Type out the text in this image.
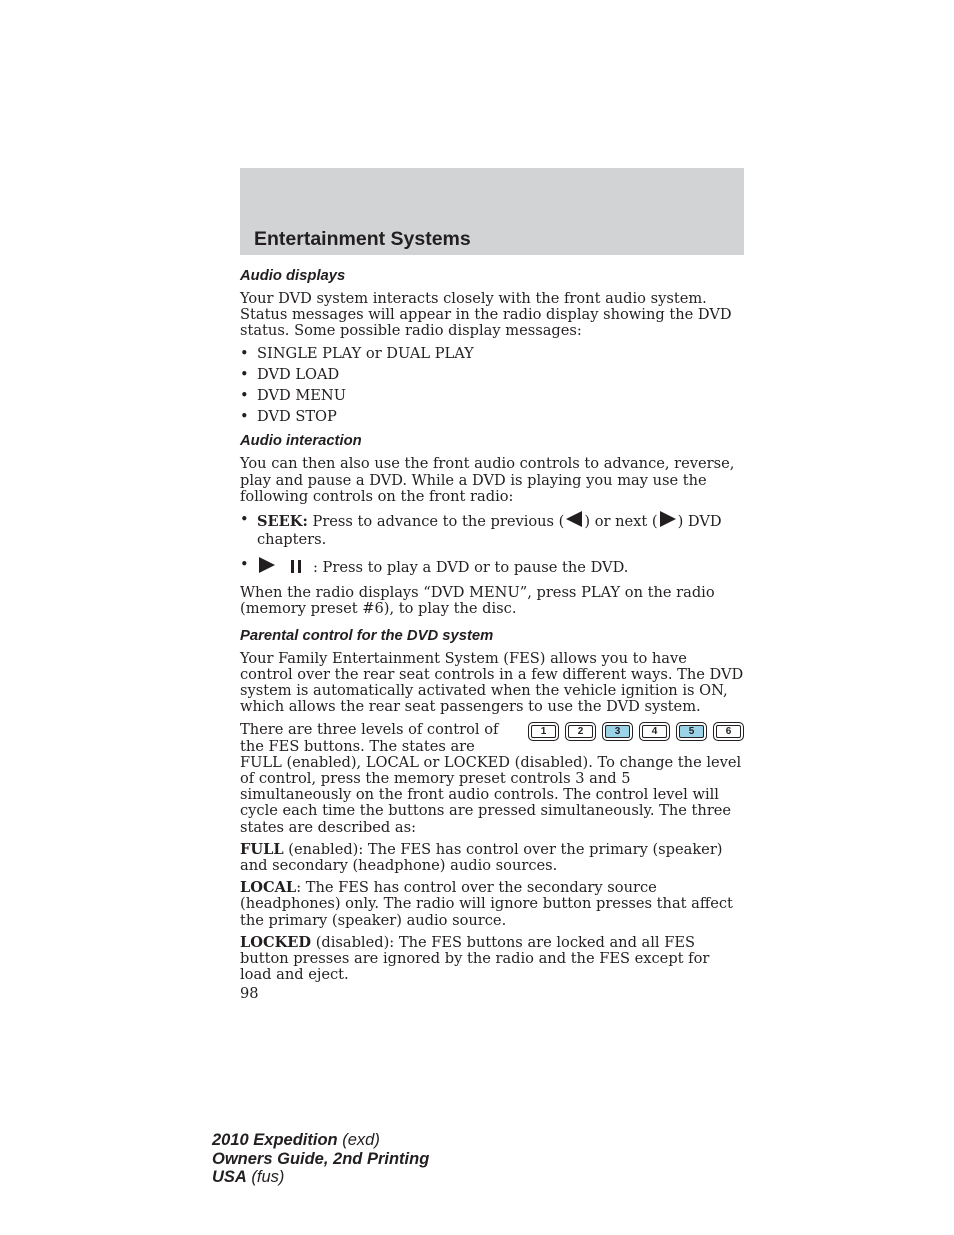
Entertainment Systems
Audio displays

Your DVD system interacts closely with the front audio system. Status messages will appear in the radio display showing the DVD status. Some possible radio display messages:

• SINGLE PLAY or DUAL PLAY
• DVD LOAD
• DVD MENU
• DVD STOP
Audio interaction

You can then also use the front audio controls to advance, reverse, play and pause a DVD. While a DVD is playing you may use the following controls on the front radio:

• SEEK: Press to advance to the previous ( ) or next ( ) DVD chapters.
• : Press to play a DVD or to pause the DVD.

When the radio displays “DVD MENU”, press PLAY on the radio (memory preset #6), to play the disc.

Parental control for the DVD system

Your Family Entertainment System (FES) allows you to have control over the rear seat controls in a few different ways. The DVD system is automatically activated when the vehicle ignition is ON, which allows the rear seat passengers to use the DVD system.

1	2	3	4	5	6

There are three levels of control of the FES buttons. The states are FULL (enabled), LOCAL or LOCKED (disabled). To change the level of control, press the memory preset controls 3 and 5 simultaneously on the front audio controls. The control level will cycle each time the buttons are pressed simultaneously. The three states are described as:

FULL (enabled): The FES has control over the primary (speaker) and secondary (headphone) audio sources.

LOCAL: The FES has control over the secondary source (headphones) only. The radio will ignore button presses that affect the primary (speaker) audio source.

LOCKED (disabled): The FES buttons are locked and all FES button presses are ignored by the radio and the FES except for load and eject.

98

2010 Expedition (exd)
Owners Guide, 2nd Printing
USA (fus)
